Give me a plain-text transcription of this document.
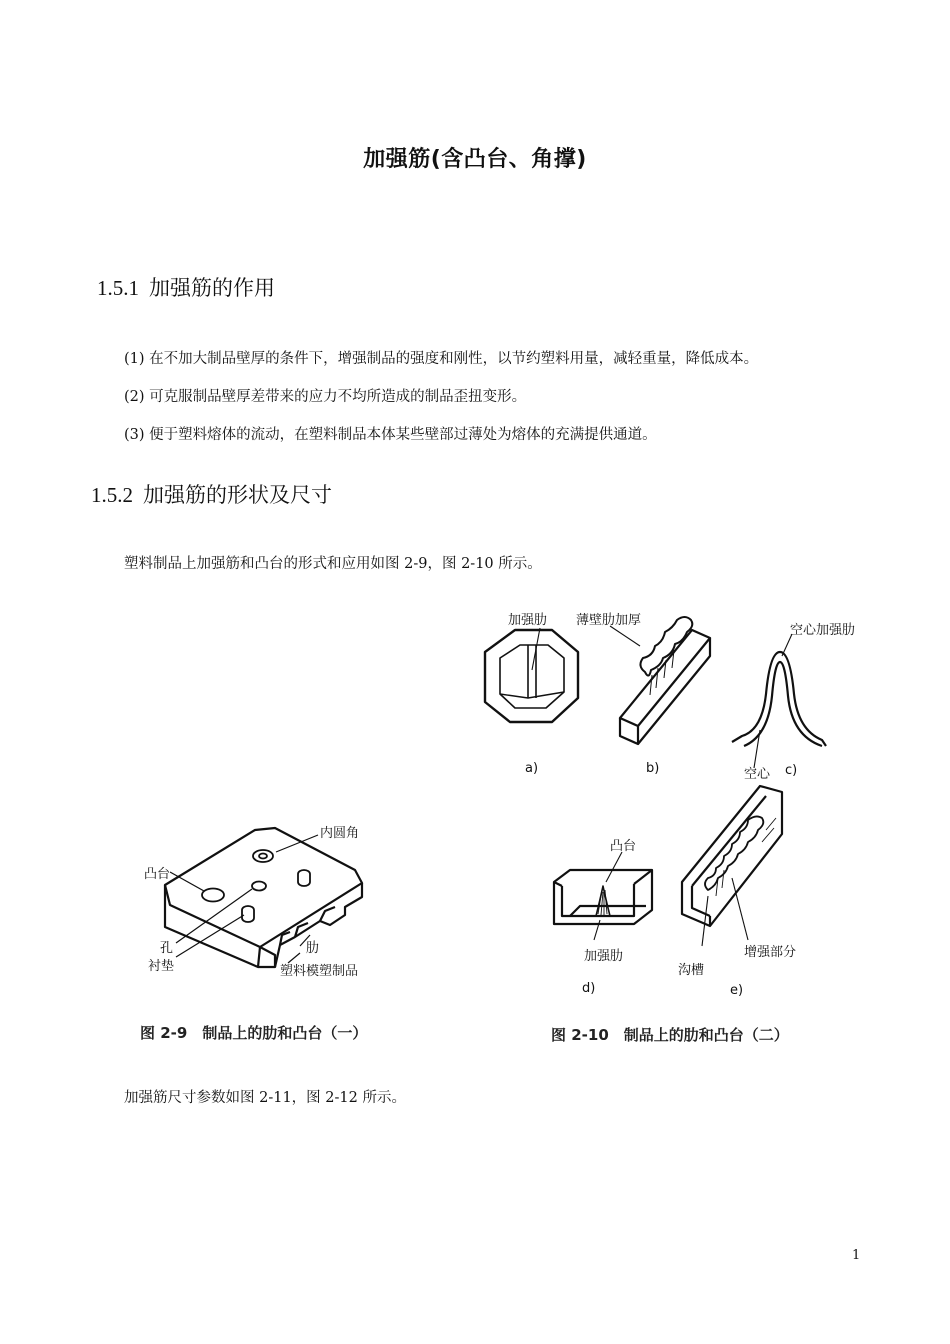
加强筋(含凸台、角撑)
1.5.1 加强筋的作用
(1) 在不加大制品壁厚的条件下，增强制品的强度和刚性，以节约塑料用量，减轻重量，降低成本。
(2) 可克服制品壁厚差带来的应力不均所造成的制品歪扭变形。
(3) 便于塑料熔体的流动，在塑料制品本体某些壁部过薄处为熔体的充满提供通道。
1.5.2 加强筋的形状及尺寸
塑料制品上加强筋和凸台的形式和应用如图 2-9，图 2-10 所示。
内圆角
凸台
孔
衬垫
肋
塑料模塑制品
图 2-9　制品上的肋和凸台（一）
加强肋
a)
薄壁肋加厚
b)
空心加强肋
空心 c)
凸台
加强肋
d)
沟槽
增强部分
e)
图 2-10　制品上的肋和凸台（二）
加强筋尺寸参数如图 2-11，图 2-12 所示。
1
